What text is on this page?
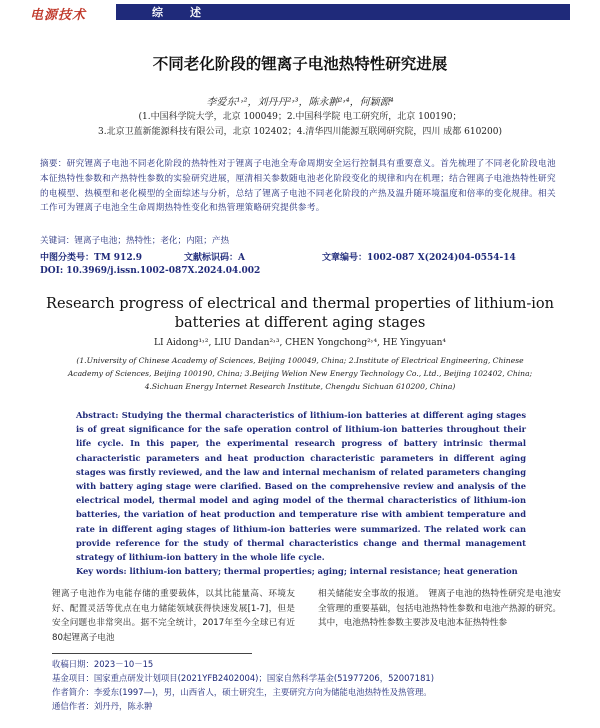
电源技术	综 述
不同老化阶段的锂离子电池热特性研究进展
李爱东¹˒²，刘丹丹²˒³，陈永翀²˒⁴，何颖源⁴
(1.中国科学院大学，北京 100049；2.中国科学院 电工研究所，北京 100190；
3.北京卫蓝新能源科技有限公司，北京 102402；4.清华四川能源互联网研究院，四川 成都 610200)
摘要：研究锂离子电池不同老化阶段的热特性对于锂离子电池全寿命周期安全运行控制具有重要意义。首先梳理了不同老化阶段电池本征热特性参数和产热特性参数的实验研究进展，厘清相关参数随电池老化阶段变化的规律和内在机理；结合锂离子电池热特性研究的电模型、热模型和老化模型的全面综述与分析，总结了锂离子电池不同老化阶段的产热及温升随环境温度和倍率的变化规律。相关工作可为锂离子电池全生命周期热特性变化和热管理策略研究提供参考。
关键词：锂离子电池；热特性；老化；内阻；产热
中图分类号：TM 912.9	文献标识码：A	文章编号：1002-087 X(2024)04-0554-14
DOI: 10.3969/j.issn.1002-087X.2024.04.002
Research progress of electrical and thermal properties of lithium-ion batteries at different aging stages
LI Aidong¹˒², LIU Dandan²˒³, CHEN Yongchong²˒⁴, HE Yingyuan⁴
(1.University of Chinese Academy of Sciences, Beijing 100049, China; 2.Institute of Electrical Engineering, Chinese Academy of Sciences, Beijing 100190, China; 3.Beijing Welion New Energy Technology Co., Ltd., Beijing 102402, China; 4.Sichuan Energy Internet Research Institute, Chengdu Sichuan 610200, China)
Abstract: Studying the thermal characteristics of lithium-ion batteries at different aging stages is of great significance for the safe operation control of lithium-ion batteries throughout their life cycle. In this paper, the experimental research progress of battery intrinsic thermal characteristic parameters and heat production characteristic parameters in different aging stages was firstly reviewed, and the law and internal mechanism of related parameters changing with battery aging stage were clarified. Based on the comprehensive review and analysis of the electrical model, thermal model and aging model of the thermal characteristics of lithium-ion batteries, the variation of heat production and temperature rise with ambient temperature and rate in different aging stages of lithium-ion batteries were summarized. The related work can provide reference for the study of thermal characteristics change and thermal management strategy of lithium-ion battery in the whole life cycle.
Key words: lithium-ion battery; thermal properties; aging; internal resistance; heat generation
锂离子电池作为电能存储的重要载体，以其比能量高、环境友好、配置灵活等优点在电力储能领域获得快速发展[1-7]，但是安全问题也非常突出。据不完全统计，2017年至今全球已有近80起锂离子电池
相关储能安全事故的报道。　锂离子电池的热特性研究是电池安全管理的重要基础，包括电池热特性参数和电池产热源的研究。其中，电池热特性参数主要涉及电池本征热特性参
收稿日期：2023－10－15
基金项目：国家重点研发计划项目(2021YFB2402004)；国家自然科学基金(51977206，52007181)
作者简介：李爱东(1997—)，男，山西省人，硕士研究生，主要研究方向为储能电池热特性及热管理。
通信作者：刘丹丹，陈永翀
